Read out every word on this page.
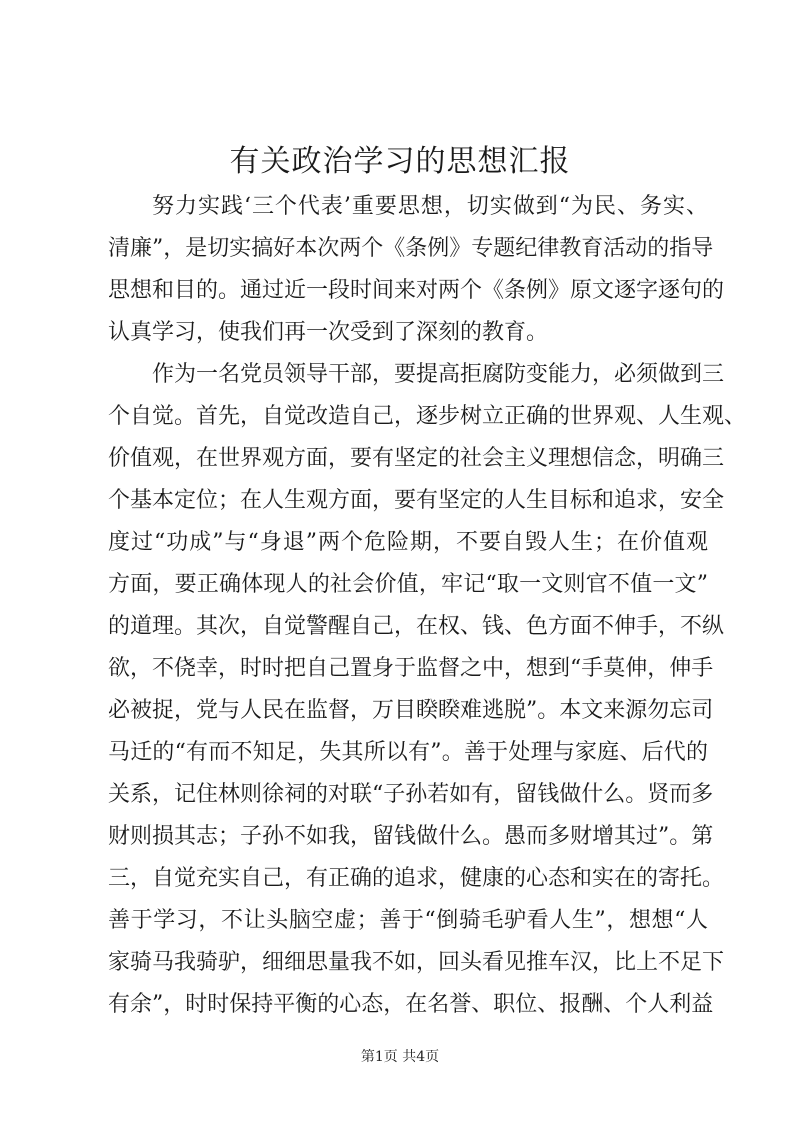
有关政治学习的思想汇报
努力实践‘三个代表’重要思想，切实做到“为民、务实、
清廉”，是切实搞好本次两个《条例》专题纪律教育活动的指导
思想和目的。通过近一段时间来对两个《条例》原文逐字逐句的
认真学习，使我们再一次受到了深刻的教育。
作为一名党员领导干部，要提高拒腐防变能力，必须做到三
个自觉。首先，自觉改造自己，逐步树立正确的世界观、人生观、
价值观，在世界观方面，要有坚定的社会主义理想信念，明确三
个基本定位；在人生观方面，要有坚定的人生目标和追求，安全
度过“功成”与“身退”两个危险期，不要自毁人生；在价值观
方面，要正确体现人的社会价值，牢记“取一文则官不值一文”
的道理。其次，自觉警醒自己，在权、钱、色方面不伸手，不纵
欲，不侥幸，时时把自己置身于监督之中，想到“手莫伸，伸手
必被捉，党与人民在监督，万目睽睽难逃脱”。本文来源勿忘司
马迁的“有而不知足，失其所以有”。善于处理与家庭、后代的
关系，记住林则徐祠的对联“子孙若如有，留钱做什么。贤而多
财则损其志；子孙不如我，留钱做什么。愚而多财增其过”。第
三，自觉充实自己，有正确的追求，健康的心态和实在的寄托。
善于学习，不让头脑空虚；善于“倒骑毛驴看人生”，想想“人
家骑马我骑驴，细细思量我不如，回头看见推车汉，比上不足下
有余”，时时保持平衡的心态，在名誉、职位、报酬、个人利益
第1页 共4页
